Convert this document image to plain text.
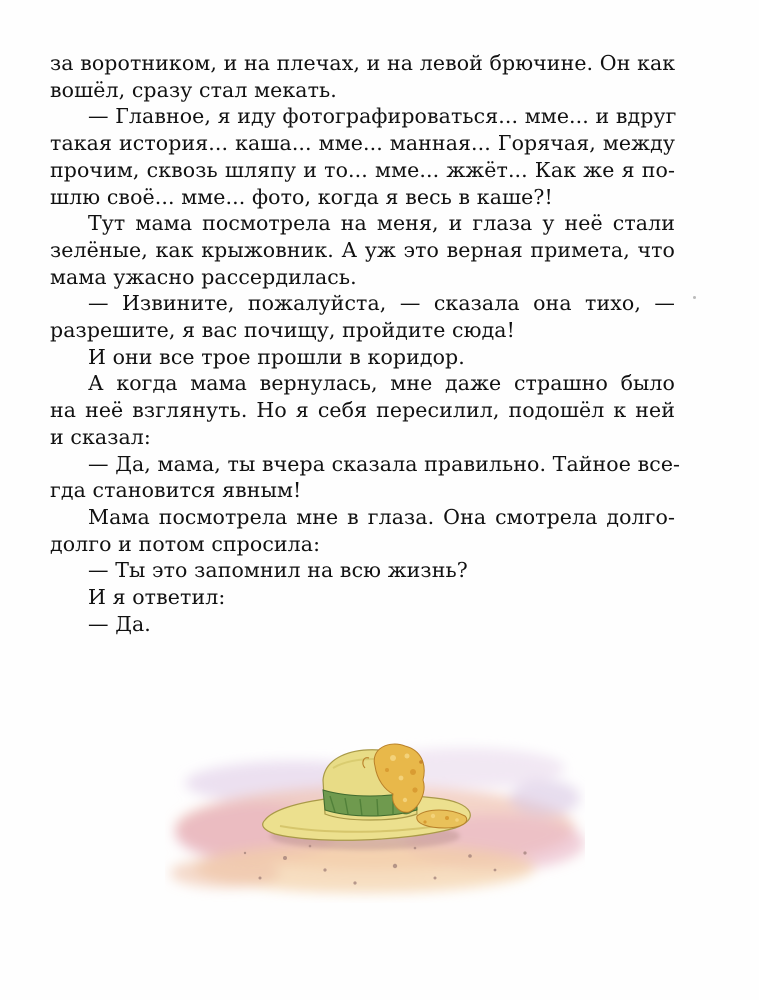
за воротником, и на плечах, и на левой брючине. Он как
вошёл, сразу стал мекать.
— Главное, я иду фотографироваться... мме... и вдруг
такая история... каша... мме... манная... Горячая, между
прочим, сквозь шляпу и то... мме... жжёт... Как же я по-
шлю своё... мме... фото, когда я весь в каше?!
Тут мама посмотрела на меня, и глаза у неё стали
зелёные, как крыжовник. А уж это верная примета, что
мама ужасно рассердилась.
— Извините, пожалуйста, — сказала она тихо, —
разрешите, я вас почищу, пройдите сюда!
И они все трое прошли в коридор.
А когда мама вернулась, мне даже страшно было
на неё взглянуть. Но я себя пересилил, подошёл к ней
и сказал:
— Да, мама, ты вчера сказала правильно. Тайное все-
гда становится явным!
Мама посмотрела мне в глаза. Она смотрела долго-
долго и потом спросила:
— Ты это запомнил на всю жизнь?
И я ответил:
— Да.
